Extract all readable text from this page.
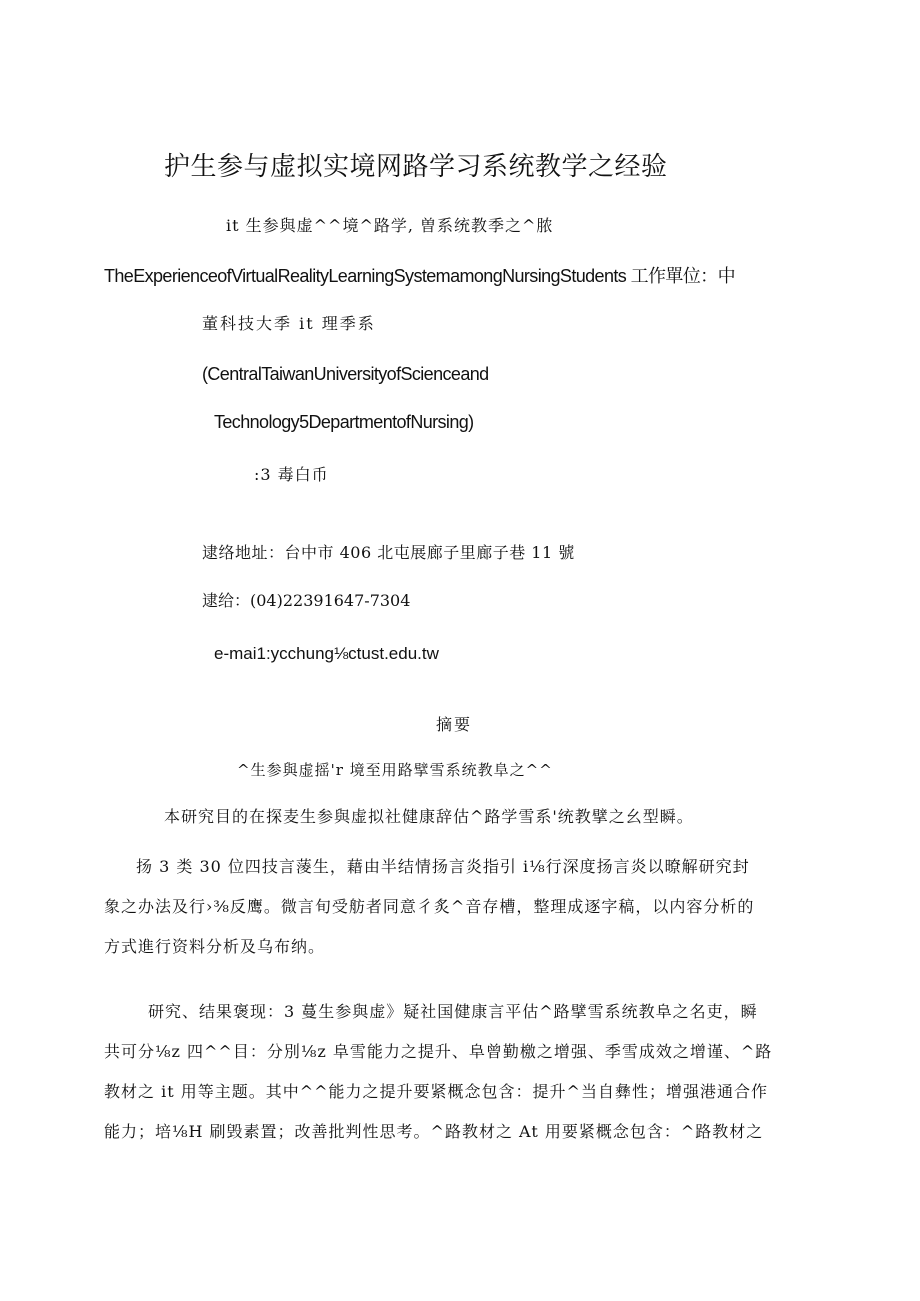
护生参与虚拟实境网路学习系统教学之经验
it 生参與虚^^境^路学, 曽系统教季之^脓
TheExperienceofVirtualRealityLearningSystemamongNursingStudents 工作單位：中
董科技大季 it 理季系
(CentralTaiwanUniversityofScienceand
Technology5DepartmentofNursing)
:3 毒白币
逮络地址：台中市 406 北屯展廊子里廊子巷 11 號
逮给：(04)22391647-7304
e-mai1:ycchung⅛ctust.edu.tw
摘要
^生参與虚摇'r 境至用路擘雪系统教阜之^^
本研究目的在探麦生参與虚拟社健康辞估^路学雪系'统教擘之幺型瞬。
扬 3 类 30 位四技言蔆生，藉由半结情扬言炎指引 i⅛行深度扬言炎以暸解研究封
象之办法及行›⅜反鹰。微言旬受舫者同意彳炙^音存槽，整理成逐字稿，以内容分析的
方式進行资料分析及乌布纳。
研究、结果褒现：3 蔓生参與虚》疑社国健康言平估^路擘雪系统教阜之名吏，瞬
共可分⅛z 四^^目：分別⅛z 阜雪能力之提升、阜曾勤檄之增强、季雪成效之增谨、^路
教材之 it 用等主题。其中^^能力之提升要紧概念包含：提升^当自彝性；增强港通合作
能力；培⅛H 刷毁素置；改善批判性思考。^路教材之 At 用要紧概念包含：^路教材之
